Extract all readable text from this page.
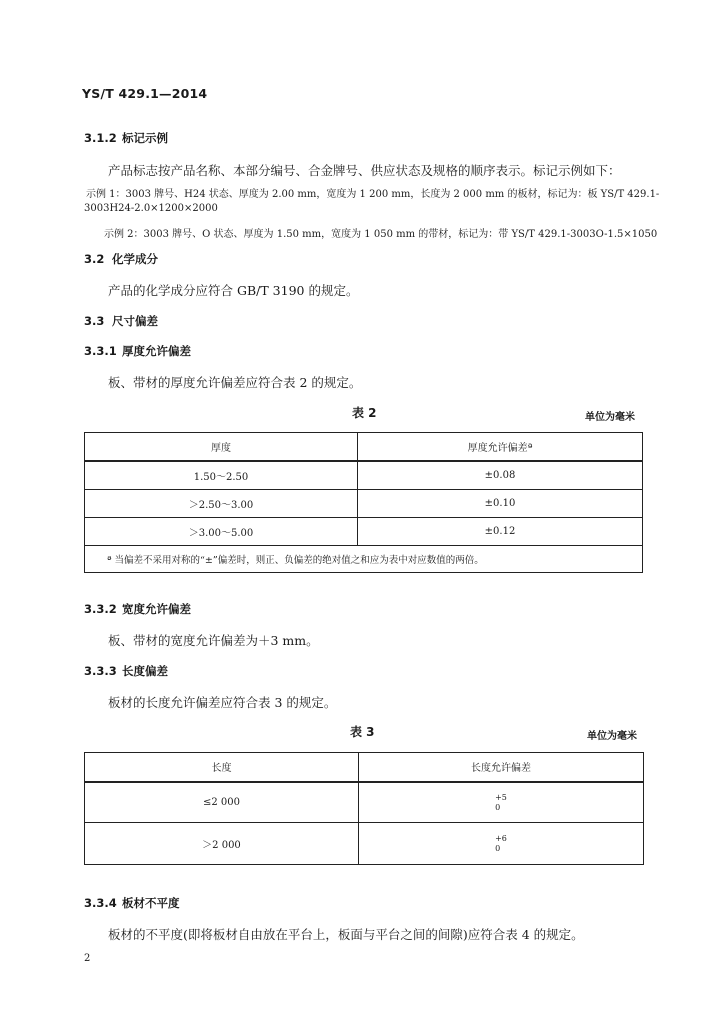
YS/T 429.1—2014
3.1.2 标记示例
产品标志按产品名称、本部分编号、合金牌号、供应状态及规格的顺序表示。标记示例如下：
示例 1：3003 牌号、H24 状态、厚度为 2.00 mm，宽度为 1 200 mm，长度为 2 000 mm 的板材，标记为：板 YS/T 429.1-
3003H24-2.0×1200×2000
示例 2：3003 牌号、O 状态、厚度为 1.50 mm，宽度为 1 050 mm 的带材，标记为：带 YS/T 429.1-3003O-1.5×1050
3.2 化学成分
产品的化学成分应符合 GB/T 3190 的规定。
3.3 尺寸偏差
3.3.1 厚度允许偏差
板、带材的厚度允许偏差应符合表 2 的规定。
表 2	单位为毫米
厚度	厚度允许偏差ª
1.50～2.50	±0.08
＞2.50～3.00	±0.10
＞3.00～5.00	±0.12
ª 当偏差不采用对称的“±”偏差时，则正、负偏差的绝对值之和应为表中对应数值的两倍。	
3.3.2 宽度允许偏差
板、带材的宽度允许偏差为＋3 mm。
3.3.3 长度偏差
板材的长度允许偏差应符合表 3 的规定。
表 3	单位为毫米
长度	长度允许偏差
≤2 000	+5
0

＞2 000	+6
0
3.3.4 板材不平度
板材的不平度(即将板材自由放在平台上，板面与平台之间的间隙)应符合表 4 的规定。
2
